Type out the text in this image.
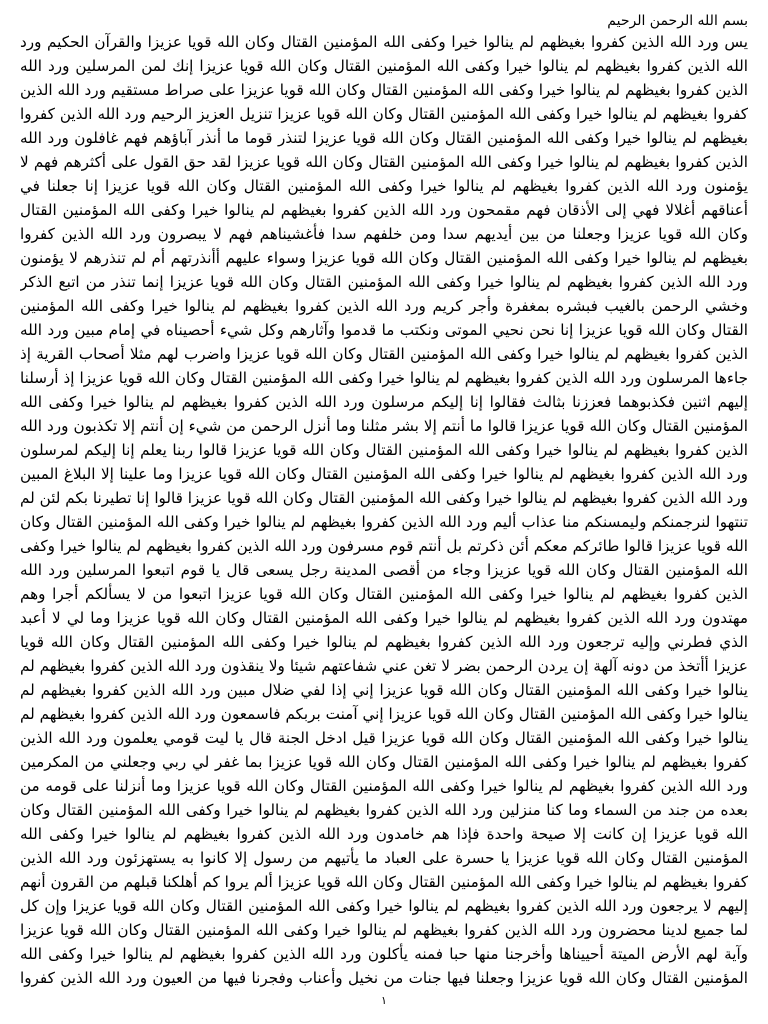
بسم الله الرحمن الرحيم

يس ورد الله الذين كفروا بغيظهم لم ينالوا خيرا وكفى الله المؤمنين القتال وكان الله قويا عزيزا والقرآن الحكيم ورد الله الذين كفروا بغيظهم لم ينالوا خيرا وكفى الله المؤمنين القتال وكان الله قويا عزيزا إنك لمن المرسلين ورد الله الذين كفروا بغيظهم لم ينالوا خيرا وكفى الله المؤمنين القتال وكان الله قويا عزيزا على صراط مستقيم ورد الله الذين كفروا بغيظهم لم ينالوا خيرا وكفى الله المؤمنين القتال وكان الله قويا عزيزا تنزيل العزيز الرحيم ورد الله الذين كفروا بغيظهم لم ينالوا خيرا وكفى الله المؤمنين القتال وكان الله قويا عزيزا لتنذر قوما ما أنذر آباؤهم فهم غافلون ورد الله الذين كفروا بغيظهم لم ينالوا خيرا وكفى الله المؤمنين القتال وكان الله قويا عزيزا لقد حق القول على أكثرهم فهم لا يؤمنون ورد الله الذين كفروا بغيظهم لم ينالوا خيرا وكفى الله المؤمنين القتال وكان الله قويا عزيزا إنا جعلنا في أعناقهم أغلالا فهي إلى الأذقان فهم مقمحون ورد الله الذين كفروا بغيظهم لم ينالوا خيرا وكفى الله المؤمنين القتال وكان الله قويا عزيزا وجعلنا من بين أيديهم سدا ومن خلفهم سدا فأغشيناهم فهم لا يبصرون ورد الله الذين كفروا بغيظهم لم ينالوا خيرا وكفى الله المؤمنين القتال وكان الله قويا عزيزا وسواء عليهم أأنذرتهم أم لم تنذرهم لا يؤمنون ورد الله الذين كفروا بغيظهم لم ينالوا خيرا وكفى الله المؤمنين القتال وكان الله قويا عزيزا إنما تنذر من اتبع الذكر وخشي الرحمن بالغيب فبشره بمغفرة وأجر كريم ورد الله الذين كفروا بغيظهم لم ينالوا خيرا وكفى الله المؤمنين القتال وكان الله قويا عزيزا إنا نحن نحيي الموتى ونكتب ما قدموا وآثارهم وكل شيء أحصيناه في إمام مبين ورد الله الذين كفروا بغيظهم لم ينالوا خيرا وكفى الله المؤمنين القتال وكان الله قويا عزيزا واضرب لهم مثلا أصحاب القرية إذ جاءها المرسلون ورد الله الذين كفروا بغيظهم لم ينالوا خيرا وكفى الله المؤمنين القتال وكان الله قويا عزيزا إذ أرسلنا إليهم اثنين فكذبوهما فعززنا بثالث فقالوا إنا إليكم مرسلون ورد الله الذين كفروا بغيظهم لم ينالوا خيرا وكفى الله المؤمنين القتال وكان الله قويا عزيزا قالوا ما أنتم إلا بشر مثلنا وما أنزل الرحمن من شيء إن أنتم إلا تكذبون ورد الله الذين كفروا بغيظهم لم ينالوا خيرا وكفى الله المؤمنين القتال وكان الله قويا عزيزا قالوا ربنا يعلم إنا إليكم لمرسلون ورد الله الذين كفروا بغيظهم لم ينالوا خيرا وكفى الله المؤمنين القتال وكان الله قويا عزيزا وما علينا إلا البلاغ المبين ورد الله الذين كفروا بغيظهم لم ينالوا خيرا وكفى الله المؤمنين القتال وكان الله قويا عزيزا قالوا إنا تطيرنا بكم لئن لم تنتهوا لنرجمنكم وليمسنكم منا عذاب أليم ورد الله الذين كفروا بغيظهم لم ينالوا خيرا وكفى الله المؤمنين القتال وكان الله قويا عزيزا قالوا طائركم معكم أئن ذكرتم بل أنتم قوم مسرفون ورد الله الذين كفروا بغيظهم لم ينالوا خيرا وكفى الله المؤمنين القتال وكان الله قويا عزيزا وجاء من أقصى المدينة رجل يسعى قال يا قوم اتبعوا المرسلين ورد الله الذين كفروا بغيظهم لم ينالوا خيرا وكفى الله المؤمنين القتال وكان الله قويا عزيزا اتبعوا من لا يسألكم أجرا وهم مهتدون ورد الله الذين كفروا بغيظهم لم ينالوا خيرا وكفى الله المؤمنين القتال وكان الله قويا عزيزا وما لي لا أعبد الذي فطرني وإليه ترجعون ورد الله الذين كفروا بغيظهم لم ينالوا خيرا وكفى الله المؤمنين القتال وكان الله قويا عزيزا أأتخذ من دونه آلهة إن يردن الرحمن بضر لا تغن عني شفاعتهم شيئا ولا ينقذون ورد الله الذين كفروا بغيظهم لم ينالوا خيرا وكفى الله المؤمنين القتال وكان الله قويا عزيزا إني إذا لفي ضلال مبين ورد الله الذين كفروا بغيظهم لم ينالوا خيرا وكفى الله المؤمنين القتال وكان الله قويا عزيزا إني آمنت بربكم فاسمعون ورد الله الذين كفروا بغيظهم لم ينالوا خيرا وكفى الله المؤمنين القتال وكان الله قويا عزيزا قيل ادخل الجنة قال يا ليت قومي يعلمون ورد الله الذين كفروا بغيظهم لم ينالوا خيرا وكفى الله المؤمنين القتال وكان الله قويا عزيزا بما غفر لي ربي وجعلني من المكرمين ورد الله الذين كفروا بغيظهم لم ينالوا خيرا وكفى الله المؤمنين القتال وكان الله قويا عزيزا وما أنزلنا على قومه من بعده من جند من السماء وما كنا منزلين ورد الله الذين كفروا بغيظهم لم ينالوا خيرا وكفى الله المؤمنين القتال وكان الله قويا عزيزا إن كانت إلا صيحة واحدة فإذا هم خامدون ورد الله الذين كفروا بغيظهم لم ينالوا خيرا وكفى الله المؤمنين القتال وكان الله قويا عزيزا يا حسرة على العباد ما يأتيهم من رسول إلا كانوا به يستهزئون ورد الله الذين كفروا بغيظهم لم ينالوا خيرا وكفى الله المؤمنين القتال وكان الله قويا عزيزا ألم يروا كم أهلكنا قبلهم من القرون أنهم إليهم لا يرجعون ورد الله الذين كفروا بغيظهم لم ينالوا خيرا وكفى الله المؤمنين القتال وكان الله قويا عزيزا وإن كل لما جميع لدينا محضرون ورد الله الذين كفروا بغيظهم لم ينالوا خيرا وكفى الله المؤمنين القتال وكان الله قويا عزيزا وآية لهم الأرض الميتة أحييناها وأخرجنا منها حبا فمنه يأكلون ورد الله الذين كفروا بغيظهم لم ينالوا خيرا وكفى الله المؤمنين القتال وكان الله قويا عزيزا وجعلنا فيها جنات من نخيل وأعناب وفجرنا فيها من العيون ورد الله الذين كفروا

١
